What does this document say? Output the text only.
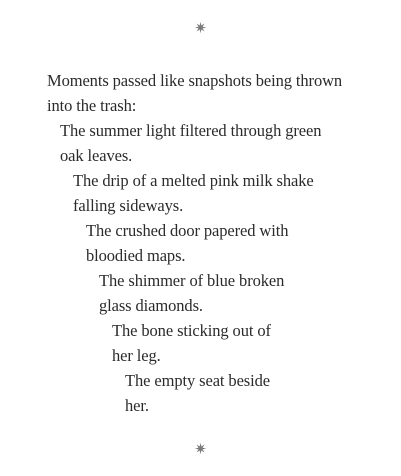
✷
Moments passed like snapshots being thrown
into the trash:
The summer light filtered through green
oak leaves.
The drip of a melted pink milk shake
falling sideways.
The crushed door papered with
bloodied maps.
The shimmer of blue broken
glass diamonds.
The bone sticking out of
her leg.
The empty seat beside
her.
✷
